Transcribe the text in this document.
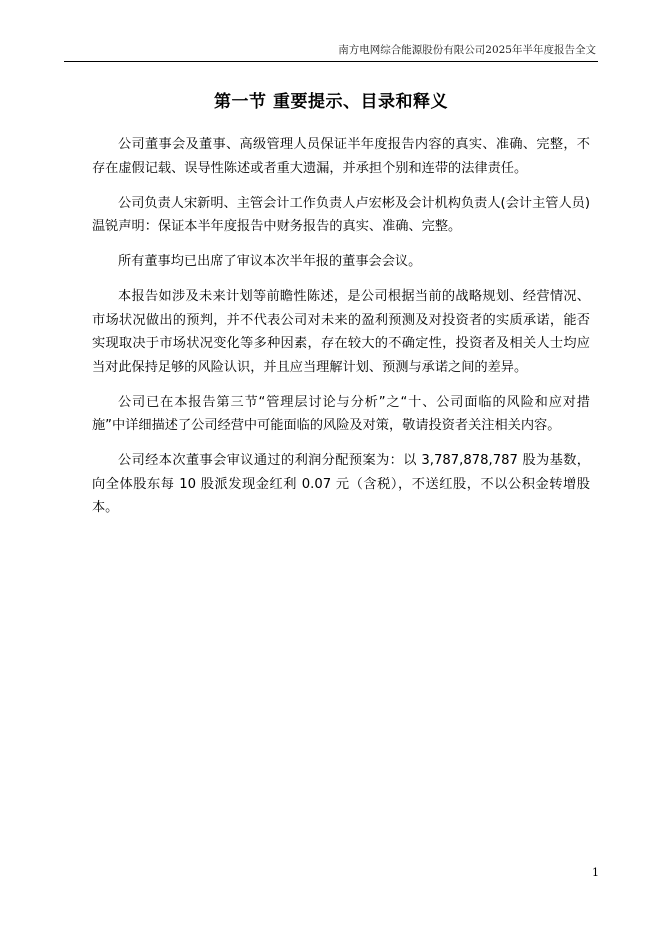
南方电网综合能源股份有限公司2025年半年度报告全文
第一节 重要提示、目录和释义

公司董事会及董事、高级管理人员保证半年度报告内容的真实、准确、完整，不存在虚假记载、误导性陈述或者重大遗漏，并承担个别和连带的法律责任。

公司负责人宋新明、主管会计工作负责人卢宏彬及会计机构负责人(会计主管人员)温锐声明：保证本半年度报告中财务报告的真实、准确、完整。

所有董事均已出席了审议本次半年报的董事会会议。

本报告如涉及未来计划等前瞻性陈述，是公司根据当前的战略规划、经营情况、市场状况做出的预判，并不代表公司对未来的盈利预测及对投资者的实质承诺，能否实现取决于市场状况变化等多种因素，存在较大的不确定性，投资者及相关人士均应当对此保持足够的风险认识，并且应当理解计划、预测与承诺之间的差异。

公司已在本报告第三节“管理层讨论与分析”之“十、公司面临的风险和应对措施”中详细描述了公司经营中可能面临的风险及对策，敬请投资者关注相关内容。

公司经本次董事会审议通过的利润分配预案为：以 3,787,878,787 股为基数，向全体股东每 10 股派发现金红利 0.07 元（含税），不送红股，不以公积金转增股本。

1
